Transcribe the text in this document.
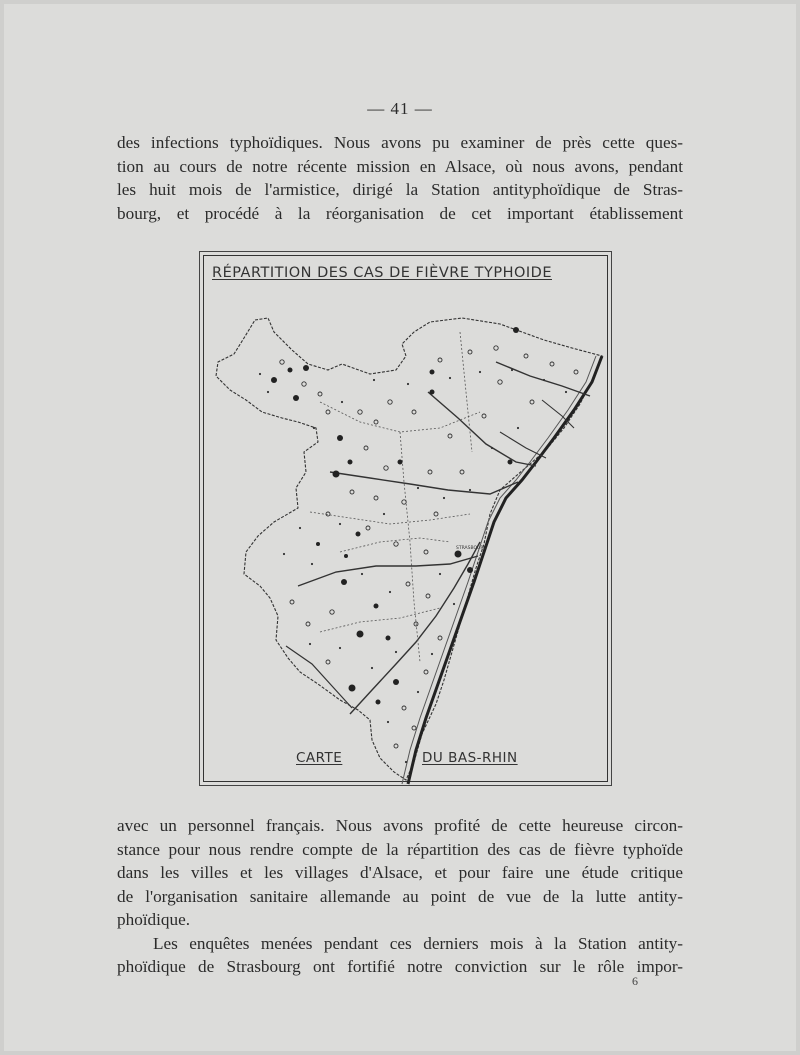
— 41 —
des infections typhoïdiques. Nous avons pu examiner de près cette ques-
tion au cours de notre récente mission en Alsace, où nous avons, pendant
les huit mois de l'armistice, dirigé la Station antityphoïdique de Stras-
bourg, et procédé à la réorganisation de cet important établissement
RÉPARTITION DES CAS DE FIÈVRE TYPHOIDE
STRASBOURG
CARTE	DU BAS-RHIN
avec un personnel français. Nous avons profité de cette heureuse circon-
stance pour nous rendre compte de la répartition des cas de fièvre typhoïde
dans les villes et les villages d'Alsace, et pour faire une étude critique
de l'organisation sanitaire allemande au point de vue de la lutte antity-
phoïdique.
Les enquêtes menées pendant ces derniers mois à la Station antity-
phoïdique de Strasbourg ont fortifié notre conviction sur le rôle impor-
6
